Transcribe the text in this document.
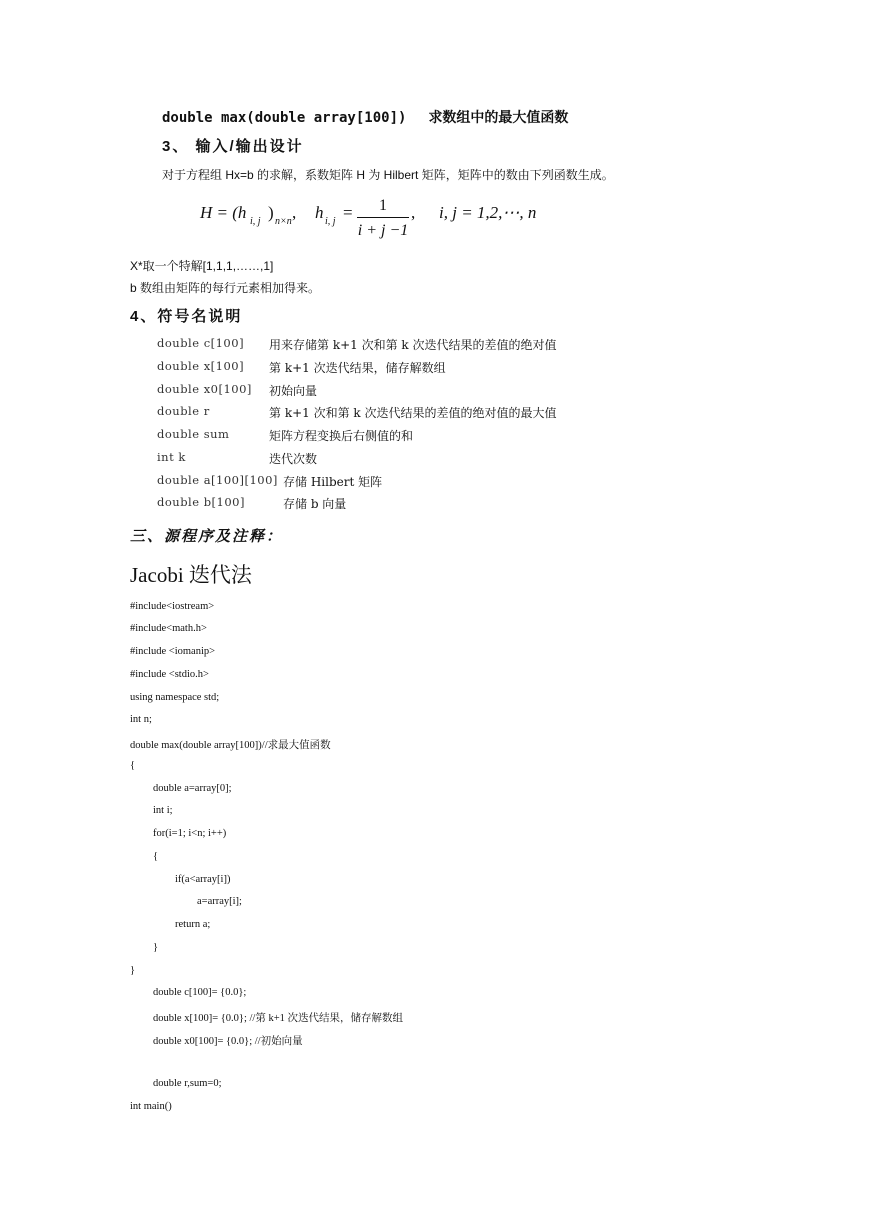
double max(double array[100]) 求数组中的最大值函数
3、 输入/输出设计
对于方程组 Hx=b 的求解，系数矩阵 H 为 Hilbert 矩阵，矩阵中的数由下列函数生成。
H = (h i, j ) n×n , h i, j =	1
i + j −1
, i, j = 1,2,⋯, n
X*取一个特解[1,1,1,……,1]
b 数组由矩阵的每行元素相加得来。
4、符号名说明
double c[100] 用来存储第 k+1 次和第 k 次迭代结果的差值的绝对值
double x[100] 第 k+1 次迭代结果，储存解数组
double x0[100] 初始向量
double r	第 k+1 次和第 k 次迭代结果的差值的绝对值的最大值
double sum	矩阵方程变换后右侧值的和
int k	迭代次数
double a[100][100] 存储 Hilbert 矩阵
double b[100]	存储 b 向量
三、源程序及注释：
Jacobi 迭代法
#include<iostream>
#include<math.h>
#include <iomanip>
#include <stdio.h>
using namespace std;
int n;
double max(double array[100])//求最大值函数
{
double a=array[0];
int i;
for(i=1; i<n; i++)
{
if(a<array[i])
a=array[i];
return a;
}
}
double c[100]= {0.0};
double x[100]= {0.0}; //第 k+1 次迭代结果，储存解数组
double x0[100]= {0.0}; //初始向量
double r,sum=0;
int main()
